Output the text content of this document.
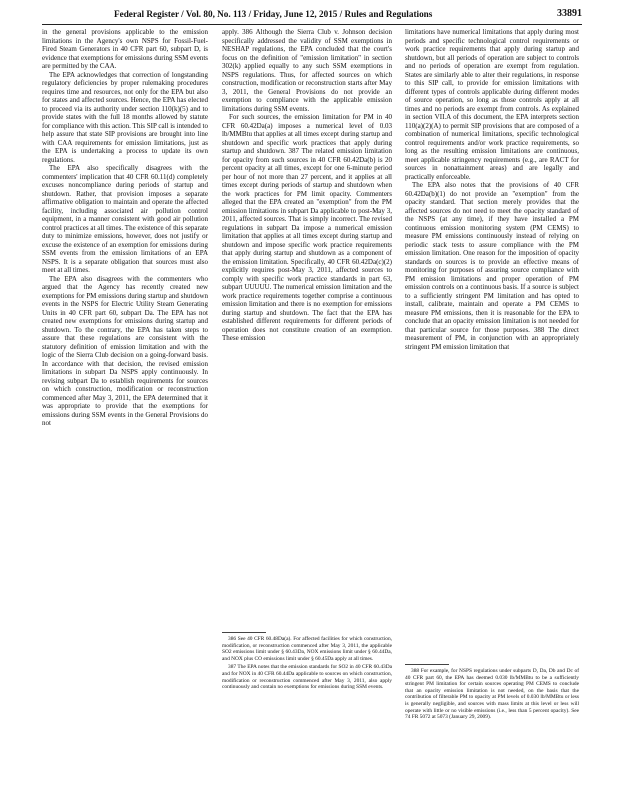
Federal Register / Vol. 80, No. 113 / Friday, June 12, 2015 / Rules and Regulations	33891

in the general provisions applicable to the emission limitations in the Agency's own NSPS for Fossil-Fuel-Fired Steam Generators in 40 CFR part 60, subpart D, is evidence that exemptions for emissions during SSM events are permitted by the CAA.

The EPA acknowledges that correction of longstanding regulatory deficiencies by proper rulemaking procedures requires time and resources, not only for the EPA but also for states and affected sources. Hence, the EPA has elected to proceed via its authority under section 110(k)(5) and to provide states with the full 18 months allowed by statute for compliance with this action. This SIP call is intended to help assure that state SIP provisions are brought into line with CAA requirements for emission limitations, just as the EPA is undertaking a process to update its own regulations.

The EPA also specifically disagrees with the commenters' implication that 40 CFR 60.11(d) completely excuses noncompliance during periods of startup and shutdown. Rather, that provision imposes a separate affirmative obligation to maintain and operate the affected facility, including associated air pollution control equipment, in a manner consistent with good air pollution control practices at all times. The existence of this separate duty to minimize emissions, however, does not justify or excuse the existence of an exemption for emissions during SSM events from the emission limitations of an EPA NSPS. It is a separate obligation that sources must also meet at all times.

The EPA also disagrees with the commenters who argued that the Agency has recently created new exemptions for PM emissions during startup and shutdown events in the NSPS for Electric Utility Steam Generating Units in 40 CFR part 60, subpart Da. The EPA has not created new exemptions for emissions during startup and shutdown. To the contrary, the EPA has taken steps to assure that these regulations are consistent with the statutory definition of emission limitation and with the logic of the Sierra Club decision on a going-forward basis. In accordance with that decision, the revised emission limitations in subpart Da NSPS apply continuously. In revising subpart Da to establish requirements for sources on which construction, modification or reconstruction commenced after May 3, 2011, the EPA determined that it was appropriate to provide that the exemptions for emissions during SSM events in the General Provisions do not

apply. 386 Although the Sierra Club v. Johnson decision specifically addressed the validity of SSM exemptions in NESHAP regulations, the EPA concluded that the court's focus on the definition of "emission limitation" in section 302(k) applied equally to any such SSM exemptions in NSPS regulations. Thus, for affected sources on which construction, modification or reconstruction starts after May 3, 2011, the General Provisions do not provide an exemption to compliance with the applicable emission limitations during SSM events.

For such sources, the emission limitation for PM in 40 CFR 60.42Da(a) imposes a numerical level of 0.03 lb/MMBtu that applies at all times except during startup and shutdown and specific work practices that apply during startup and shutdown. 387 The related emission limitation for opacity from such sources in 40 CFR 60.42Da(b) is 20 percent opacity at all times, except for one 6-minute period per hour of not more than 27 percent, and it applies at all times except during periods of startup and shutdown when the work practices for PM limit opacity. Commenters alleged that the EPA created an "exemption" from the PM emission limitations in subpart Da applicable to post-May 3, 2011, affected sources. That is simply incorrect. The revised regulations in subpart Da impose a numerical emission limitation that applies at all times except during startup and shutdown and impose specific work practice requirements that apply during startup and shutdown as a component of the emission limitation. Specifically, 40 CFR 60.42Da(c)(2) explicitly requires post-May 3, 2011, affected sources to comply with specific work practice standards in part 63, subpart UUUUU. The numerical emission limitation and the work practice requirements together comprise a continuous emission limitation and there is no exemption for emissions during startup and shutdown. The fact that the EPA has established different requirements for different periods of operation does not constitute creation of an exemption. These emission

386 See 40 CFR 60.48Da(a). For affected facilities for which construction, modification, or reconstruction commenced after May 3, 2011, the applicable SO2 emissions limit under § 60.43Da, NOX emissions limit under § 60.44Da, and NOX plus CO emissions limit under § 60.45Da apply at all times.

387 The EPA notes that the emission standards for SO2 in 40 CFR 60.43Da and for NOX in 40 CFR 60.44Da applicable to sources on which construction, modification or reconstruction commenced after May 3, 2011, also apply continuously and contain no exemptions for emissions during SSM events.

limitations have numerical limitations that apply during most periods and specific technological control requirements or work practice requirements that apply during startup and shutdown, but all periods of operation are subject to controls and no periods of operation are exempt from regulation. States are similarly able to alter their regulations, in response to this SIP call, to provide for emission limitations with different types of controls applicable during different modes of source operation, so long as those controls apply at all times and no periods are exempt from controls. As explained in section VII.A of this document, the EPA interprets section 110(a)(2)(A) to permit SIP provisions that are composed of a combination of numerical limitations, specific technological control requirements and/or work practice requirements, so long as the resulting emission limitations are continuous, meet applicable stringency requirements (e.g., are RACT for sources in nonattainment areas) and are legally and practically enforceable.

The EPA also notes that the provisions of 40 CFR 60.42Da(b)(1) do not provide an "exemption" from the opacity standard. That section merely provides that the affected sources do not need to meet the opacity standard of the NSPS (at any time), if they have installed a PM continuous emission monitoring system (PM CEMS) to measure PM emissions continuously instead of relying on periodic stack tests to assure compliance with the PM emission limitation. One reason for the imposition of opacity standards on sources is to provide an effective means of monitoring for purposes of assuring source compliance with PM emission limitations and proper operation of PM emission controls on a continuous basis. If a source is subject to a sufficiently stringent PM limitation and has opted to install, calibrate, maintain and operate a PM CEMS to measure PM emissions, then it is reasonable for the EPA to conclude that an opacity emission limitation is not needed for that particular source for those purposes. 388 The direct measurement of PM, in conjunction with an appropriately stringent PM emission limitation that

388 For example, for NSPS regulations under subparts D, Da, Db and Dc of 40 CFR part 60, the EPA has deemed 0.030 lb/MMBtu to be a sufficiently stringent PM limitation for certain sources operating PM CEMS to conclude that an opacity emission limitation is not needed, on the basis that the contribution of filterable PM to opacity at PM levels of 0.030 lb/MMBtu or less is generally negligible, and sources with mass limits at this level or less will operate with little or no visible emissions (i.e., less than 5 percent opacity). See 74 FR 5072 at 5073 (January 29, 2009).
